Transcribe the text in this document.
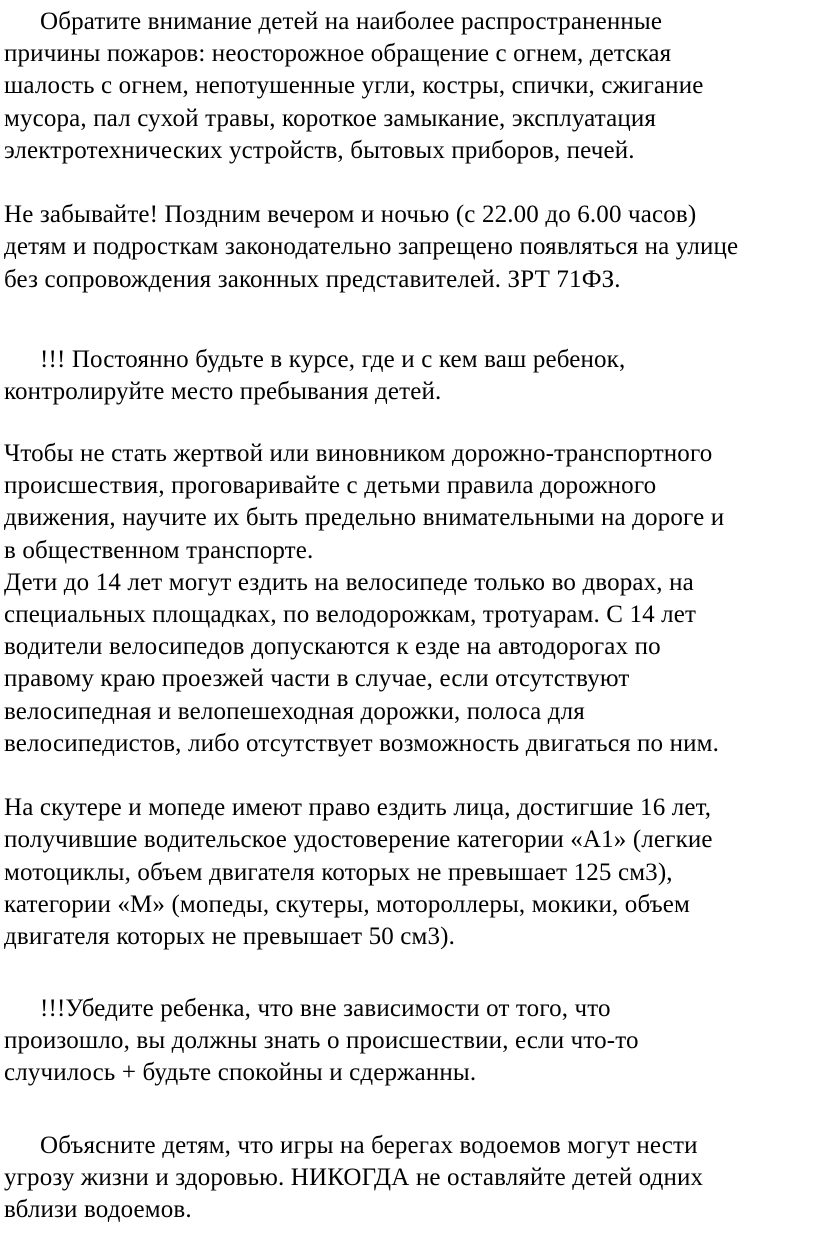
Обратите внимание детей на наиболее распространенные
причины пожаров: неосторожное обращение с огнем, детская
шалость с огнем, непотушенные угли, костры, спички, сжигание
мусора, пал сухой травы, короткое замыкание, эксплуатация
электротехнических устройств, бытовых приборов, печей.
Не забывайте! Поздним вечером и ночью (с 22.00 до 6.00 часов)
детям и подросткам законодательно запрещено появляться на улице
без сопровождения законных представителей. ЗРТ 71ФЗ.
!!! Постоянно будьте в курсе, где и с кем ваш ребенок,
контролируйте место пребывания детей.
Чтобы не стать жертвой или виновником дорожно-транспортного
происшествия, проговаривайте с детьми правила дорожного
движения, научите их быть предельно внимательными на дороге и
в общественном транспорте.
Дети до 14 лет могут ездить на велосипеде только во дворах, на
специальных площадках, по велодорожкам, тротуарам. С 14 лет
водители велосипедов допускаются к езде на автодорогах по
правому краю проезжей части в случае, если отсутствуют
велосипедная и велопешеходная дорожки, полоса для
велосипедистов, либо отсутствует возможность двигаться по ним.
На скутере и мопеде имеют право ездить лица, достигшие 16 лет,
получившие водительское удостоверение категории «А1» (легкие
мотоциклы, объем двигателя которых не превышает 125 см3),
категории «М» (мопеды, скутеры, мотороллеры, мокики, объем
двигателя которых не превышает 50 см3).
!!!Убедите ребенка, что вне зависимости от того, что
произошло, вы должны знать о происшествии, если что-то
случилось + будьте спокойны и сдержанны.
Объясните детям, что игры на берегах водоемов могут нести
угрозу жизни и здоровью. НИКОГДА не оставляйте детей одних
вблизи водоемов.
